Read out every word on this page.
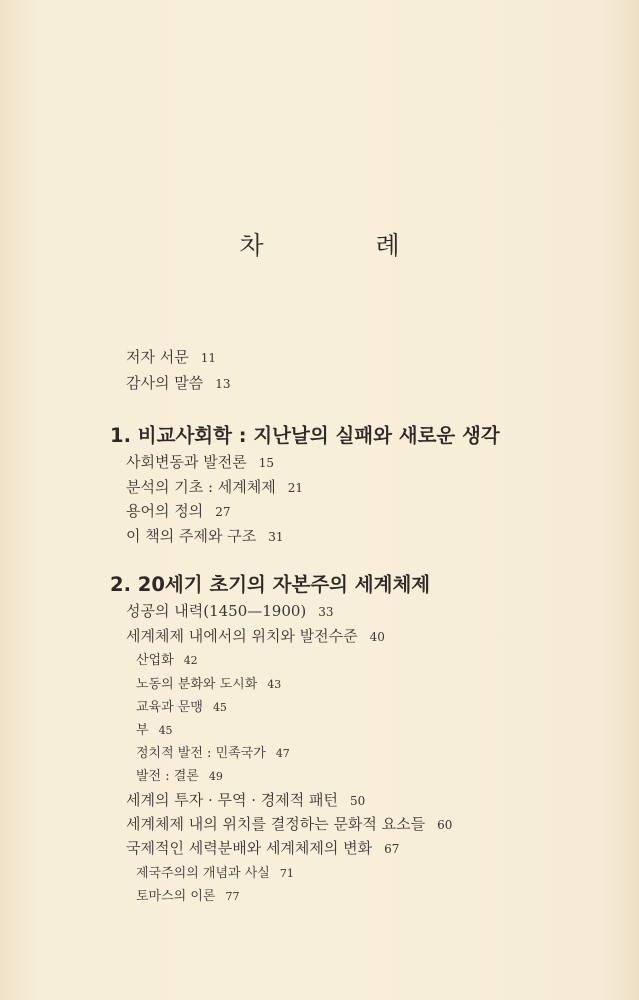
차 례
저자 서문 11
감사의 말씀 13
1. 비교사회학 : 지난날의 실패와 새로운 생각
사회변동과 발전론 15
분석의 기초 : 세계체제 21
용어의 정의 27
이 책의 주제와 구조 31
2. 20세기 초기의 자본주의 세계체제
성공의 내력(1450—1900) 33
세계체제 내에서의 위치와 발전수준 40
산업화 42
노동의 분화와 도시화 43
교육과 문맹 45
부 45
정치적 발전 : 민족국가 47
발전 : 결론 49
세계의 투자 · 무역 · 경제적 패턴 50
세계체제 내의 위치를 결정하는 문화적 요소들 60
국제적인 세력분배와 세계체제의 변화 67
제국주의의 개념과 사실 71
토마스의 이론 77
